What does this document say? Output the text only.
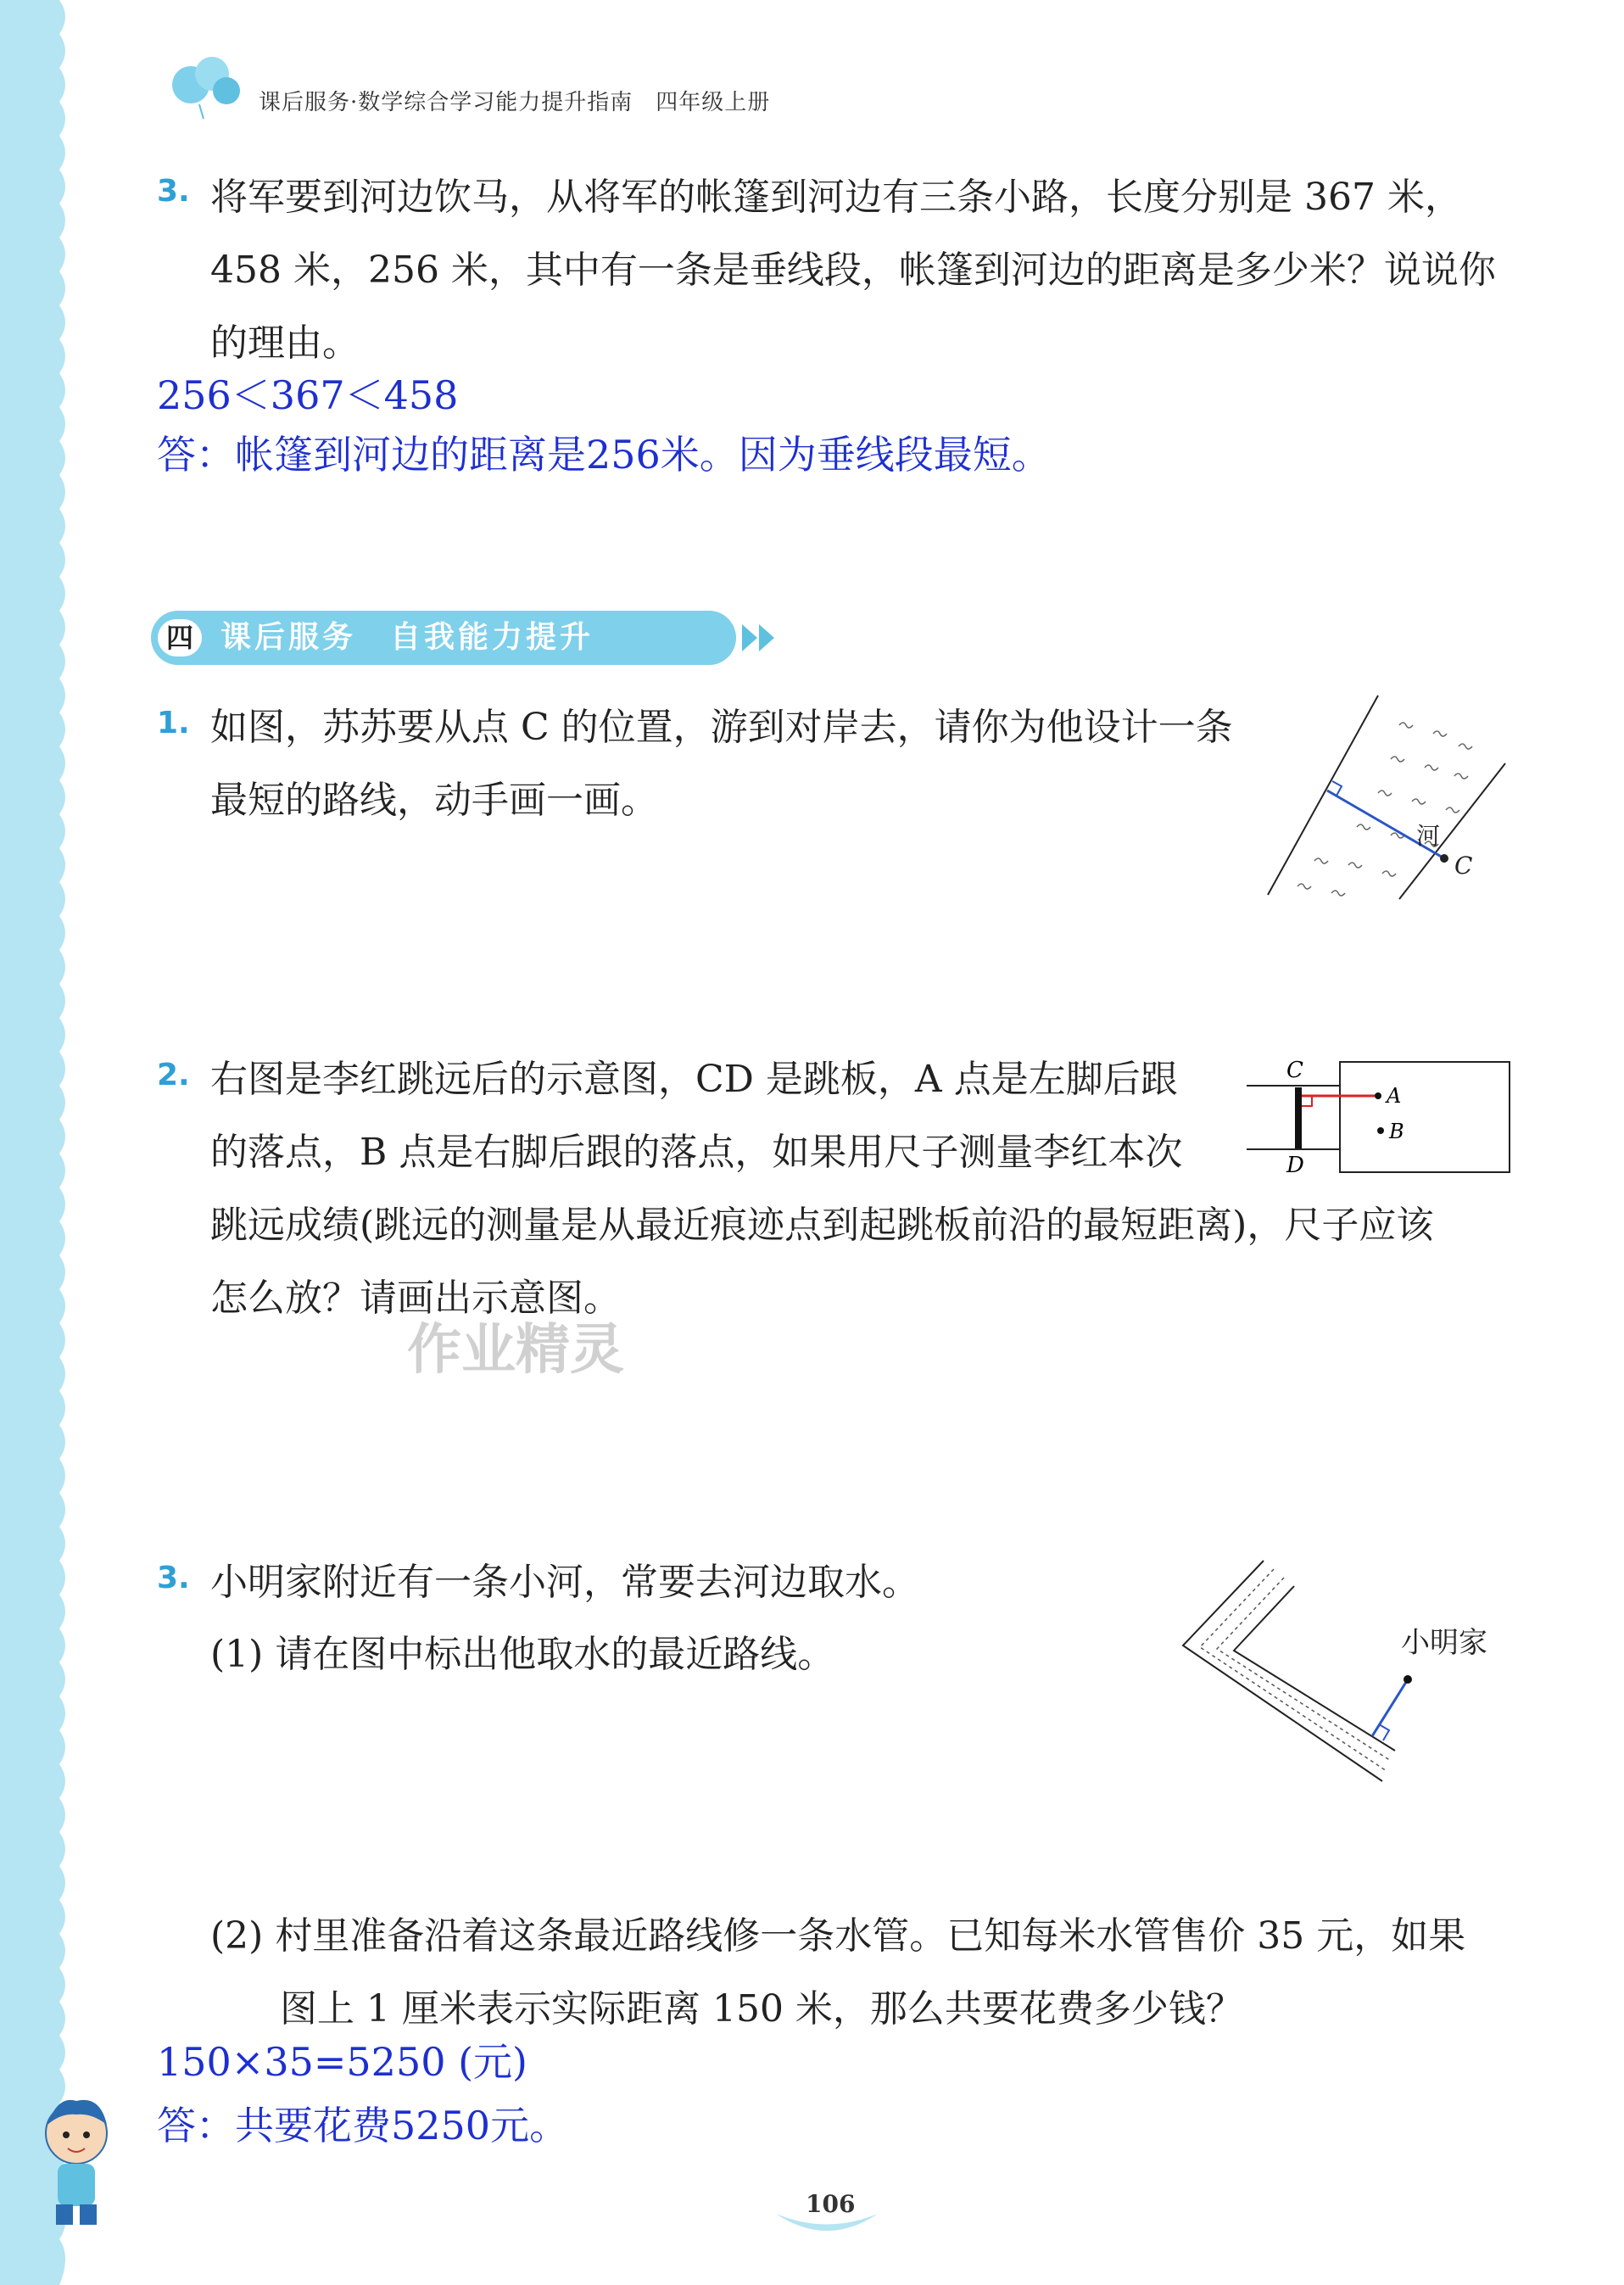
课后服务·数学综合学习能力提升指南　四年级上册
3. 将军要到河边饮马，从将军的帐篷到河边有三条小路，长度分别是 367 米，
458 米，256 米，其中有一条是垂线段，帐篷到河边的距离是多少米？说说你
的理由。
256＜367＜458
答：帐篷到河边的距离是256米。因为垂线段最短。
四 课后服务　自我能力提升
1. 如图，苏苏要从点 C 的位置，游到对岸去，请你为他设计一条
最短的路线，动手画一画。
河
C
2. 右图是李红跳远后的示意图，CD 是跳板，A 点是左脚后跟
的落点，B 点是右脚后跟的落点，如果用尺子测量李红本次
跳远成绩(跳远的测量是从最近痕迹点到起跳板前沿的最短距离)，尺子应该
怎么放？请画出示意图。
C
D
A
B
作业精灵
3. 小明家附近有一条小河，常要去河边取水。
(1) 请在图中标出他取水的最近路线。	小明家
(2) 村里准备沿着这条最近路线修一条水管。已知每米水管售价 35 元，如果
图上 1 厘米表示实际距离 150 米，那么共要花费多少钱？
150×35=5250 (元)
答：共要花费5250元。
106
